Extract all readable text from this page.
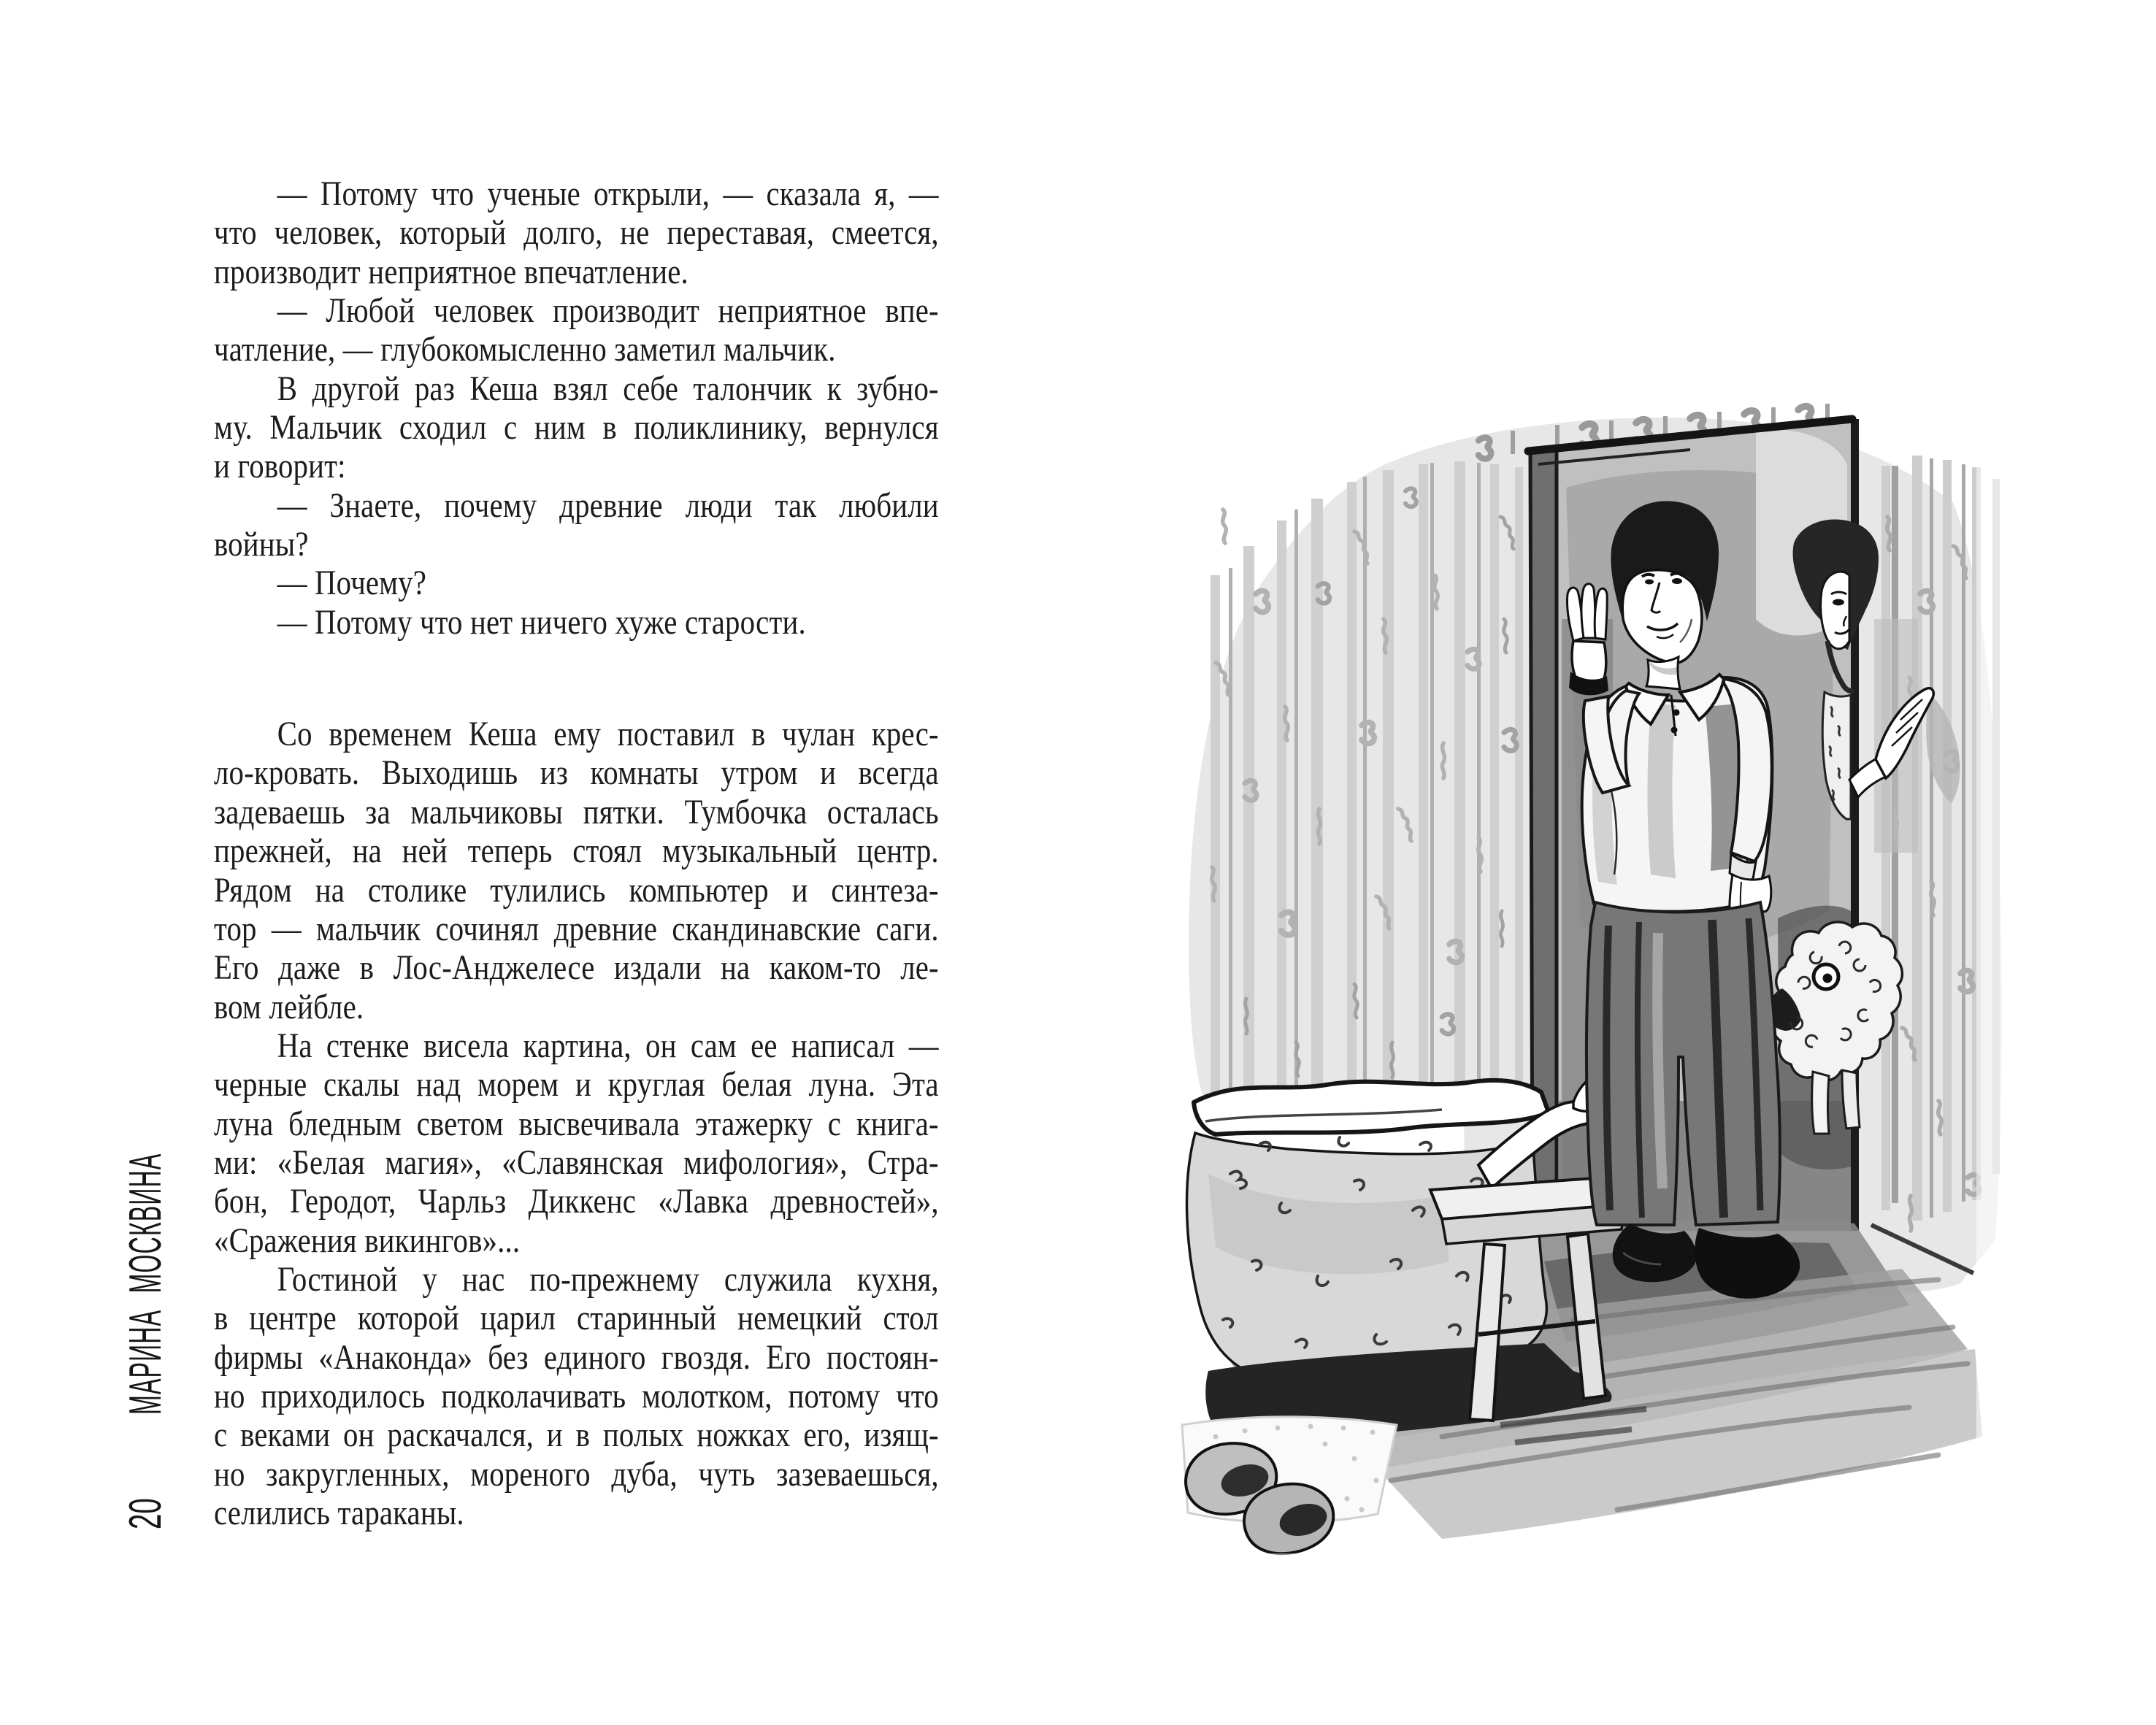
— Потому что ученые открыли, — сказала я, —
что человек, который долго, не переставая, смеется,
производит неприятное впечатление.
— Любой человек производит неприятное впе-
чатление, — глубокомысленно заметил мальчик.
В другой раз Кеша взял себе талончик к зубно-
му. Мальчик сходил с ним в поликлинику, вернулся
и говорит:
— Знаете, почему древние люди так любили
войны?
— Почему?
— Потому что нет ничего хуже старости.
Со временем Кеша ему поставил в чулан крес-
ло-кровать. Выходишь из комнаты утром и всегда
задеваешь за мальчиковы пятки. Тумбочка осталась
прежней, на ней теперь стоял музыкальный центр.
Рядом на столике тулились компьютер и синтеза-
тор — мальчик сочинял древние скандинавские саги.
Его даже в Лос-Анджелесе издали на каком-то ле-
вом лейбле.
На стенке висела картина, он сам ее написал —
черные скалы над морем и круглая белая луна. Эта
луна бледным светом высвечивала этажерку с книга-
ми: «Белая магия», «Славянская мифология», Стра-
бон, Геродот, Чарльз Диккенс «Лавка древностей»,
«Сражения викингов»...
Гостиной у нас по-прежнему служила кухня,
в центре которой царил старинный немецкий стол
фирмы «Анаконда» без единого гвоздя. Его постоян-
но приходилось подколачивать молотком, потому что
с веками он раскачался, и в полых ножках его, изящ-
но закругленных, мореного дуба, чуть зазеваешься,
селились тараканы.
МАРИНА МОСКВИНА
20
